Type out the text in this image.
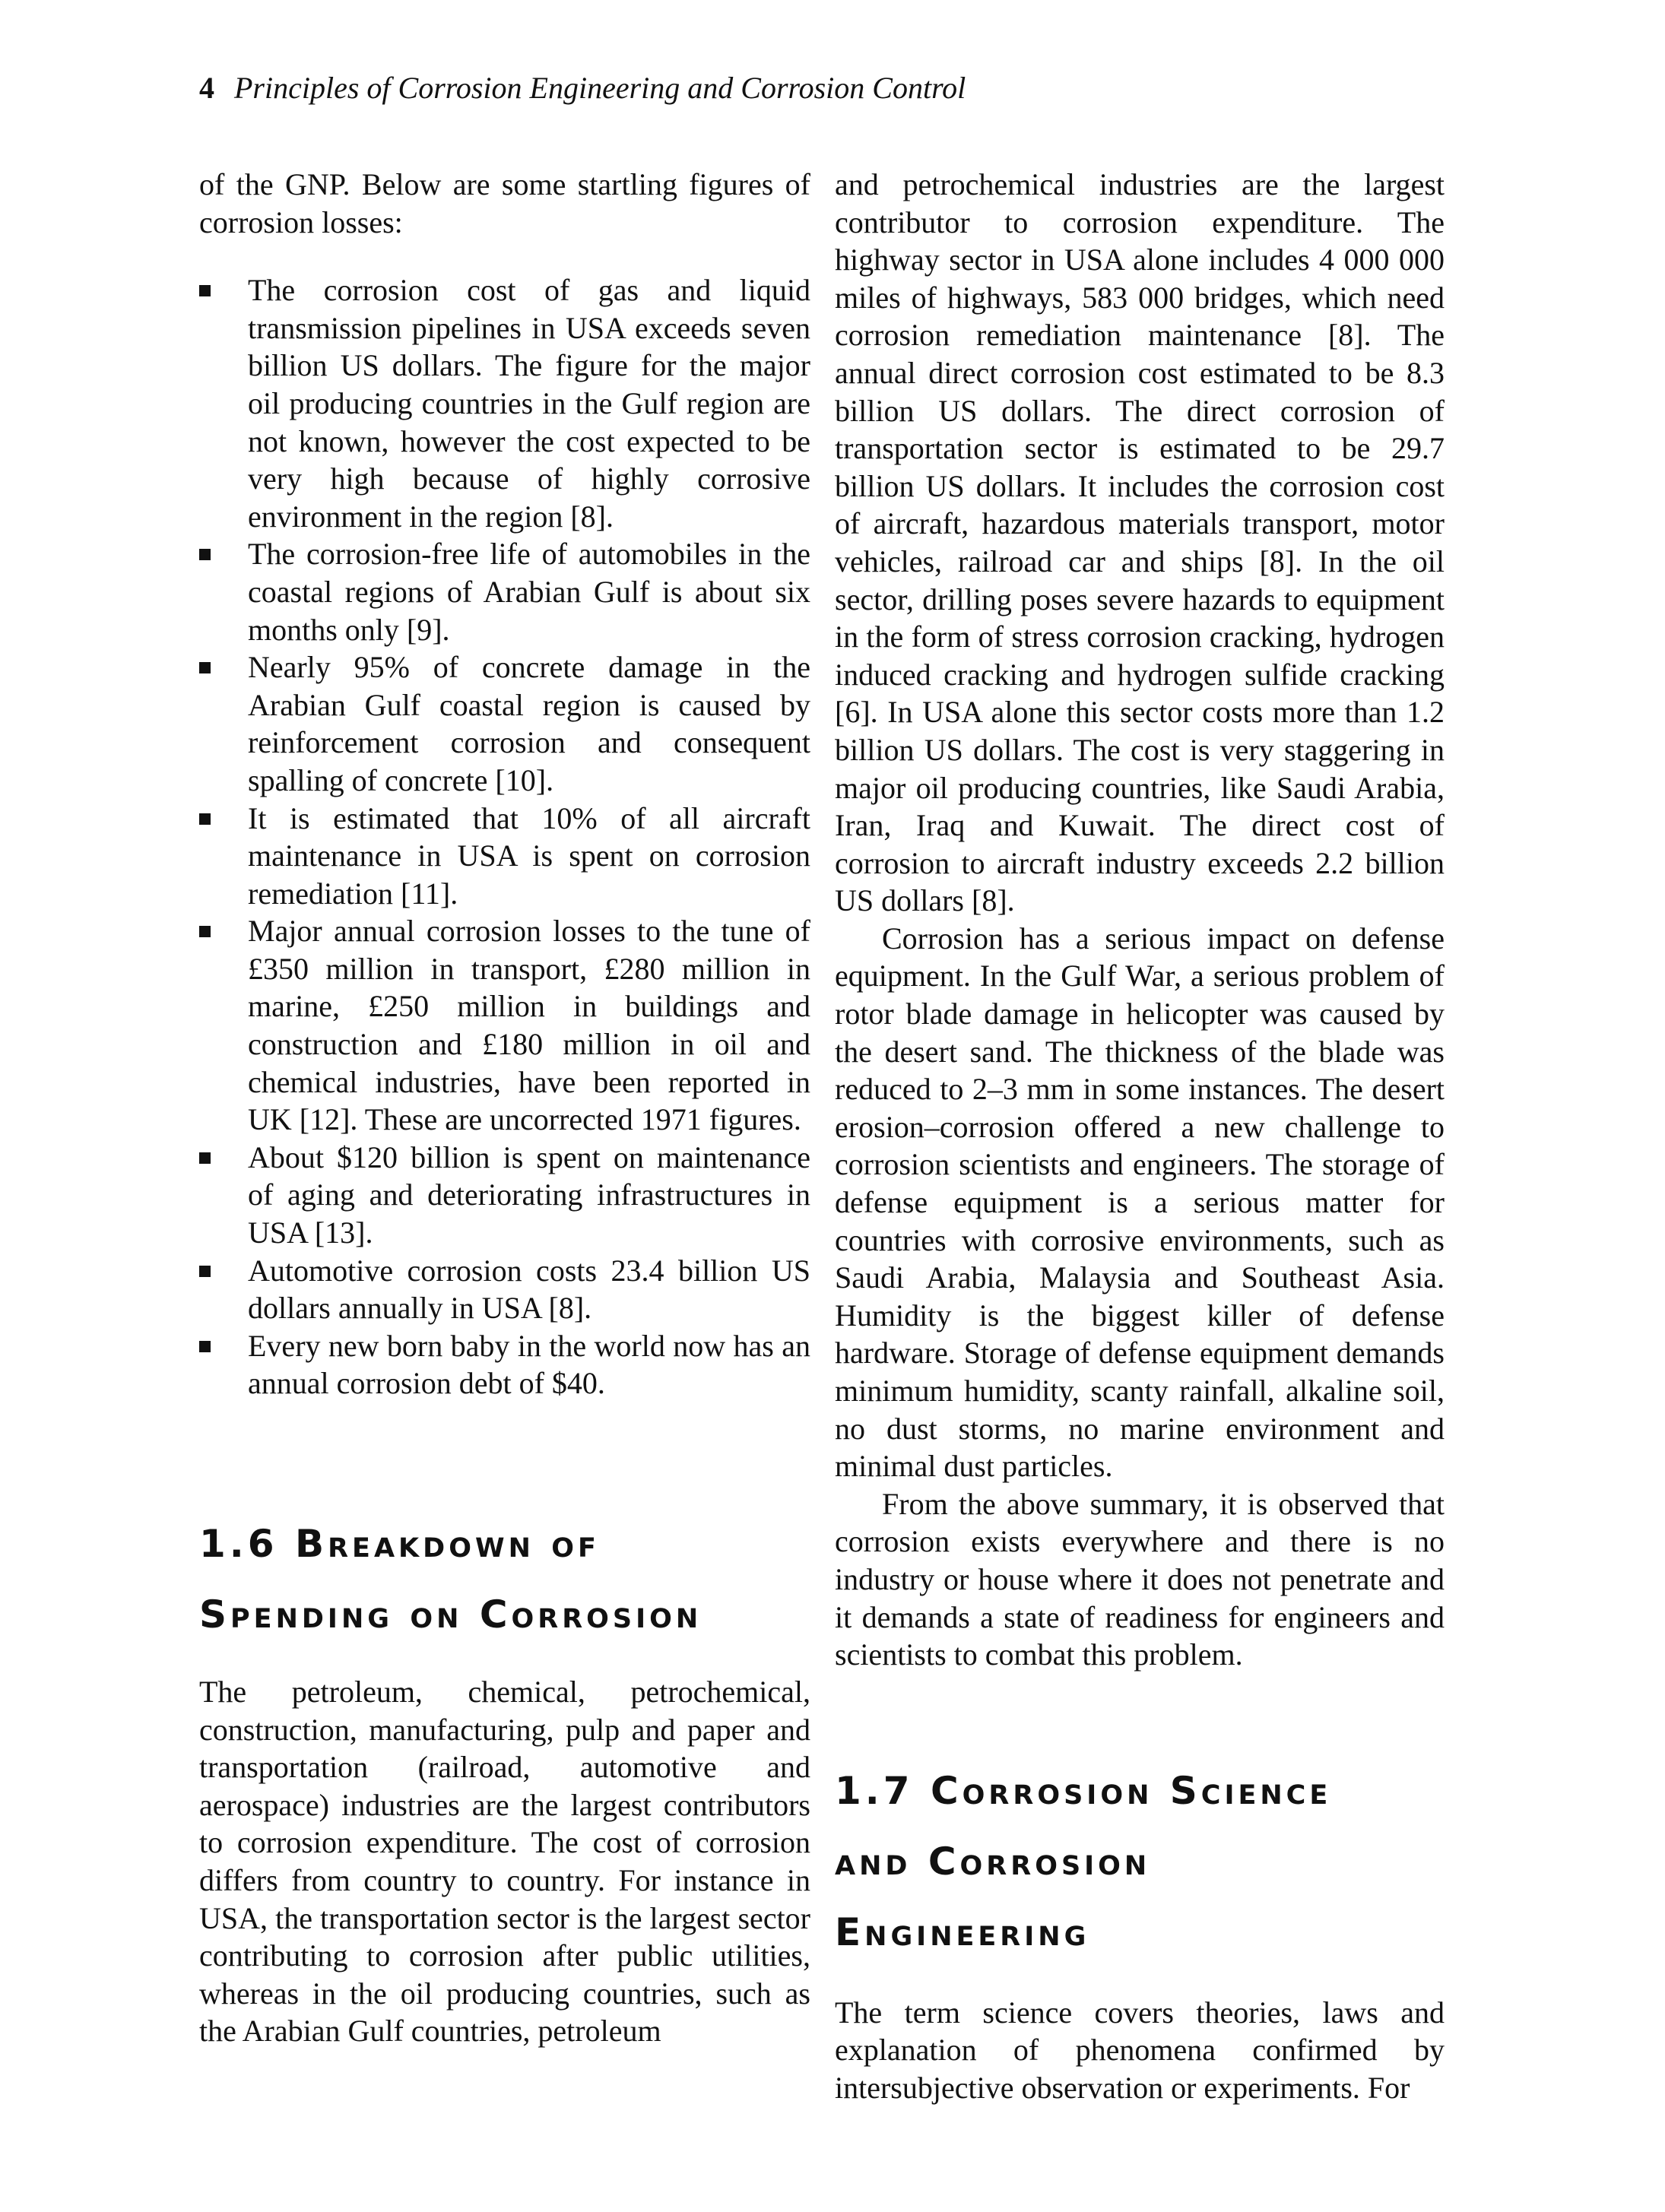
4 Principles of Corrosion Engineering and Corrosion Control

of the GNP. Below are some startling figures of corrosion losses:

The corrosion cost of gas and liquid transmission pipelines in USA exceeds seven billion US dollars. The figure for the major oil producing countries in the Gulf region are not known, however the cost expected to be very high because of highly corrosive environment in the region [8].
The corrosion-free life of automobiles in the coastal regions of Arabian Gulf is about six months only [9].
Nearly 95% of concrete damage in the Arabian Gulf coastal region is caused by reinforcement corrosion and consequent spalling of concrete [10].
It is estimated that 10% of all aircraft maintenance in USA is spent on corrosion remediation [11].
Major annual corrosion losses to the tune of £350 million in transport, £280 million in marine, £250 million in buildings and construction and £180 million in oil and chemical industries, have been reported in UK [12]. These are uncorrected 1971 figures.
About $120 billion is spent on maintenance of aging and deteriorating infrastructures in USA [13].
Automotive corrosion costs 23.4 billion US dollars annually in USA [8].
Every new born baby in the world now has an annual corrosion debt of $40.
1.6 Breakdown of
Spending on Corrosion

The petroleum, chemical, petrochemical, construction, manufacturing, pulp and paper and transportation (railroad, automotive and aerospace) industries are the largest contributors to corrosion expenditure. The cost of corrosion differs from country to country. For instance in USA, the transportation sector is the largest sector contributing to corrosion after public utilities, whereas in the oil producing countries, such as the Arabian Gulf countries, petroleum

and petrochemical industries are the largest contributor to corrosion expenditure. The highway sector in USA alone includes 4 000 000 miles of highways, 583 000 bridges, which need corrosion remediation maintenance [8]. The annual direct corrosion cost estimated to be 8.3 billion US dollars. The direct corrosion of transportation sector is estimated to be 29.7 billion US dollars. It includes the corrosion cost of aircraft, hazardous materials transport, motor vehicles, railroad car and ships [8]. In the oil sector, drilling poses severe hazards to equipment in the form of stress corrosion cracking, hydrogen induced cracking and hydrogen sulfide cracking [6]. In USA alone this sector costs more than 1.2 billion US dollars. The cost is very staggering in major oil producing countries, like Saudi Arabia, Iran, Iraq and Kuwait. The direct cost of corrosion to aircraft industry exceeds 2.2 billion US dollars [8].

Corrosion has a serious impact on defense equipment. In the Gulf War, a serious problem of rotor blade damage in helicopter was caused by the desert sand. The thickness of the blade was reduced to 2–3 mm in some instances. The desert erosion–corrosion offered a new challenge to corrosion scientists and engineers. The storage of defense equipment is a serious matter for countries with corrosive environments, such as Saudi Arabia, Malaysia and Southeast Asia. Humidity is the biggest killer of defense hardware. Storage of defense equipment demands minimum humidity, scanty rainfall, alkaline soil, no dust storms, no marine environment and minimal dust particles.

From the above summary, it is observed that corrosion exists everywhere and there is no industry or house where it does not penetrate and it demands a state of readiness for engineers and scientists to combat this problem.

1.7 Corrosion Science
and Corrosion
Engineering

The term science covers theories, laws and explanation of phenomena confirmed by intersubjective observation or experiments. For
